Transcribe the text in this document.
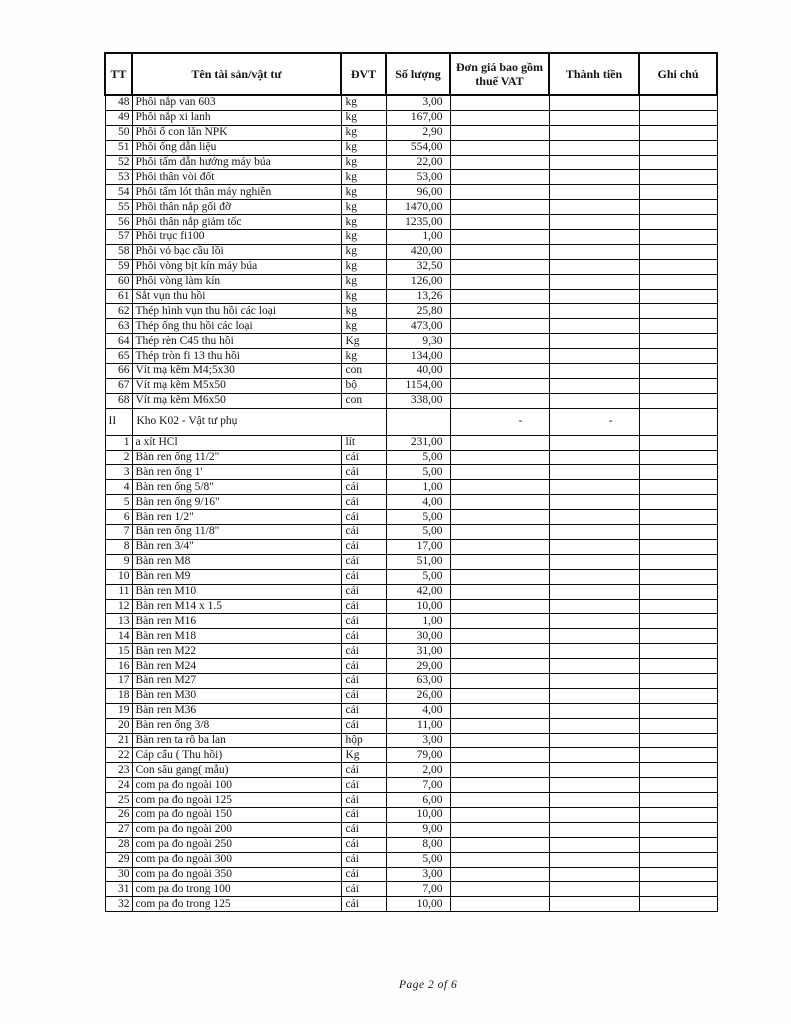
TT	Tên tài sản/vật tư	ĐVT	Số lượng	Đơn giá bao gồm thuế VAT	Thành tiền	Ghi chú
48	Phôi nắp van 603	kg	3,00			
49	Phôi nắp xi lanh	kg	167,00			
50	Phôi ổ con lăn NPK	kg	2,90			
51	Phôi ống dẫn liệu	kg	554,00			
52	Phôi tấm dẫn hướng máy búa	kg	22,00			
53	Phôi thân vòi đốt	kg	53,00			
54	Phôi tấm lót thân máy nghiền	kg	96,00			
55	Phôi thân nắp gối đỡ	kg	1470,00			
56	Phôi thân nắp giảm tốc	kg	1235,00			
57	Phôi trục fi100	kg	1,00			
58	Phôi vỏ bạc cầu lồi	kg	420,00			
59	Phôi vòng bịt kín máy búa	kg	32,50			
60	Phôi vòng làm kín	kg	126,00			
61	Sắt vụn thu hồi	kg	13,26			
62	Thép hình vụn thu hồi các loại	kg	25,80			
63	Thép ống thu hồi các loại	kg	473,00			
64	Thép rèn C45 thu hồi	Kg	9,30			
65	Thép tròn fi 13 thu hồi	kg	134,00			
66	Vít mạ kẽm M4;5x30	con	40,00			
67	Vít mạ kẽm M5x50	bộ	1154,00			
68	Vít mạ kẽm M6x50	con	338,00			
II	Kho K02 - Vật tư phụ			-	-	
1	a xít HCl	lít	231,00			
2	Bàn ren ống 11/2"	cái	5,00			
3	Bàn ren ống 1'	cái	5,00			
4	Bàn ren ống 5/8"	cái	1,00			
5	Bàn ren ống 9/16"	cái	4,00			
6	Bàn ren 1/2"	cái	5,00			
7	Bàn ren ống 11/8"	cái	5,00			
8	Bàn ren 3/4"	cái	17,00			
9	Bàn ren M8	cái	51,00			
10	Bàn ren M9	cái	5,00			
11	Bàn ren M10	cái	42,00			
12	Bàn ren M14 x 1.5	cái	10,00			
13	Bàn ren M16	cái	1,00			
14	Bàn ren M18	cái	30,00			
15	Bàn ren M22	cái	31,00			
16	Bàn ren M24	cái	29,00			
17	Bàn ren M27	cái	63,00			
18	Bàn ren M30	cái	26,00			
19	Bàn ren M36	cái	4,00			
20	Bàn ren ống 3/8	cái	11,00			
21	Bàn ren ta rô ba lan	hộp	3,00			
22	Cáp cẩu ( Thu hồi)	Kg	79,00			
23	Con sâu gang( mẫu)	cái	2,00			
24	com pa đo ngoài 100	cái	7,00			
25	com pa đo ngoài 125	cái	6,00			
26	com pa đo ngoài 150	cái	10,00			
27	com pa đo ngoài 200	cái	9,00			
28	com pa đo ngoài 250	cái	8,00			
29	com pa đo ngoài 300	cái	5,00			
30	com pa đo ngoài 350	cái	3,00			
31	com pa đo trong 100	cái	7,00			
32	com pa đo trong 125	cái	10,00			
Page 2 of 6
